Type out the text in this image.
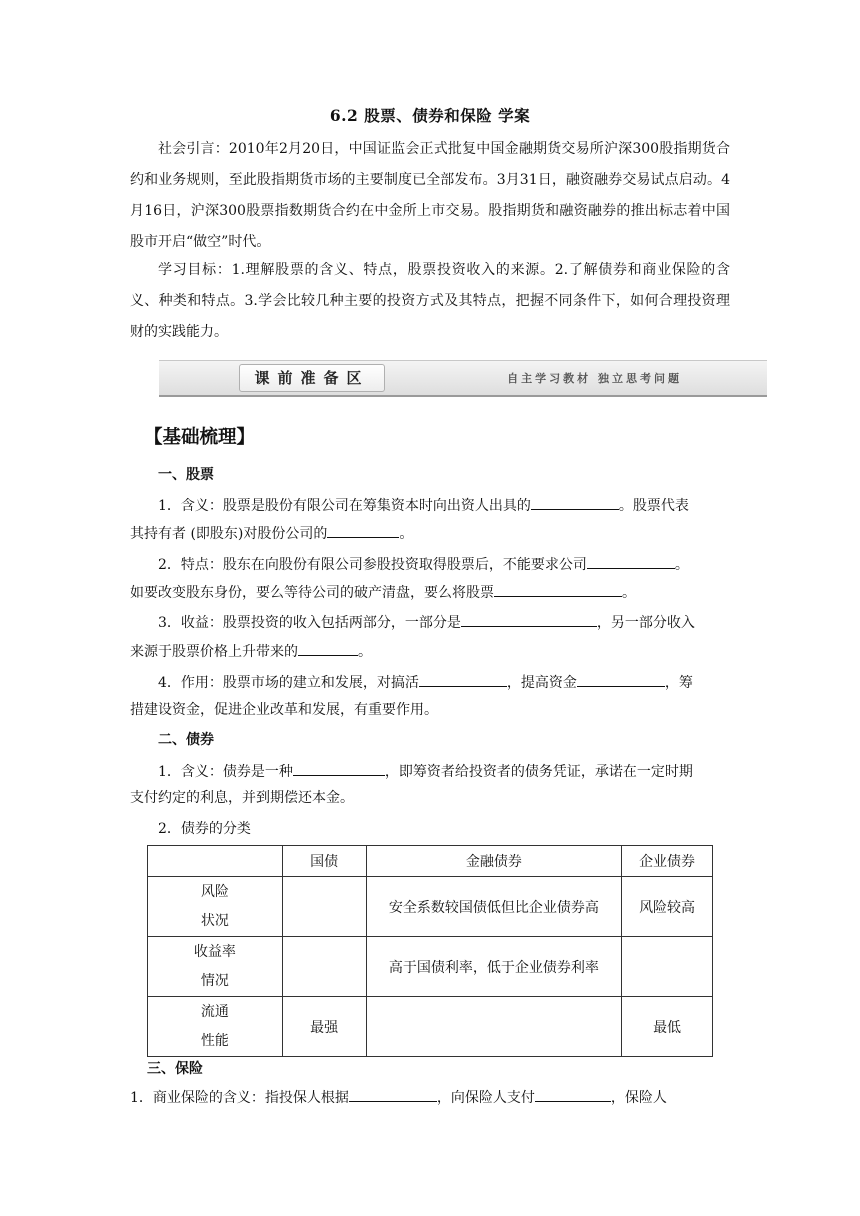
6.2 股票、债券和保险 学案
社会引言：2010年2月20日，中国证监会正式批复中国金融期货交易所沪深300股指期货合约和业务规则，至此股指期货市场的主要制度已全部发布。3月31日，融资融券交易试点启动。4月16日，沪深300股票指数期货合约在中金所上市交易。股指期货和融资融券的推出标志着中国股市开启“做空”时代。
学习目标：1.理解股票的含义、特点，股票投资收入的来源。2.了解债券和商业保险的含义、种类和特点。3.学会比较几种主要的投资方式及其特点，把握不同条件下，如何合理投资理财的实践能力。
课前准备区	自主学习教材 独立思考问题
【基础梳理】
一、股票
1．含义：股票是股份有限公司在筹集资本时向出资人出具的	。股票代表
其持有者 (即股东)对股份公司的	。
2．特点：股东在向股份有限公司参股投资取得股票后，不能要求公司	。
如要改变股东身份，要么等待公司的破产清盘，要么将股票	。
3．收益：股票投资的收入包括两部分，一部分是	，另一部分收入
来源于股票价格上升带来的	。
4．作用：股票市场的建立和发展，对搞活	，提高资金	，筹
措建设资金，促进企业改革和发展，有重要作用。
二、债券
1．含义：债券是一种	，即筹资者给投资者的债务凭证，承诺在一定时期
支付约定的利息，并到期偿还本金。
2．债券的分类
	国债	金融债券	企业债券

风险
状况		安全系数较国债低但比企业债券高	风险较高

收益率
情况		高于国债利率，低于企业债券利率	

流通
性能	最强		最低
三、保险
1．商业保险的含义：指投保人根据	，向保险人支付	，保险人
